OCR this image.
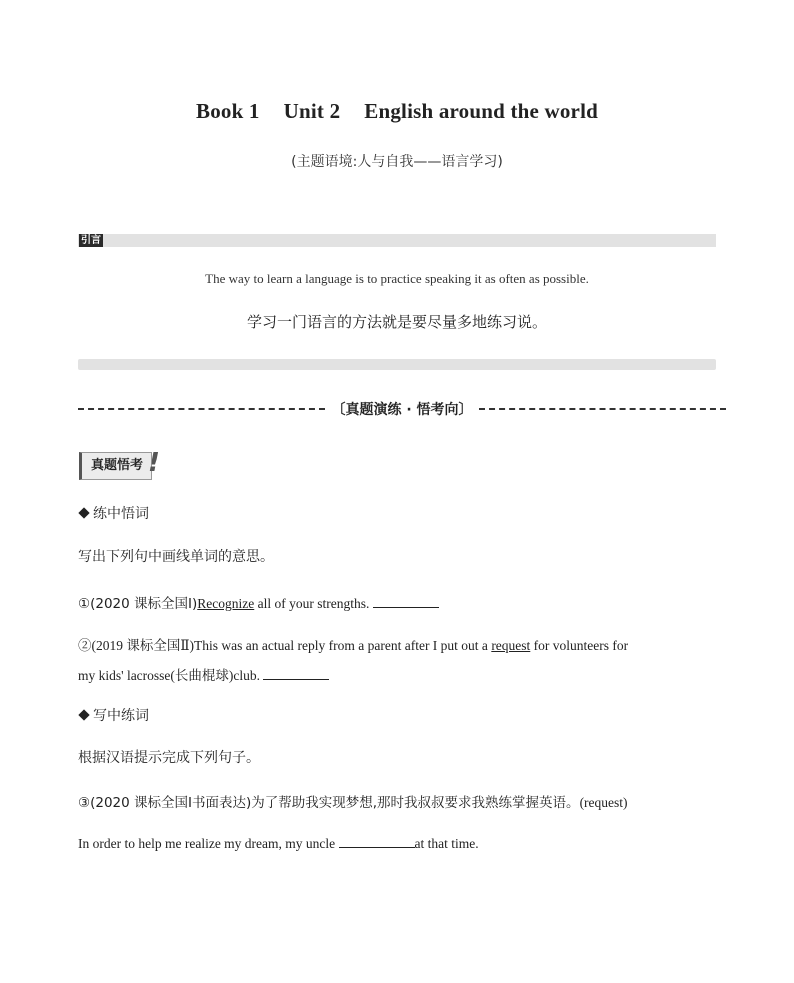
Book 1 Unit 2 English around the world
(主题语境:人与自我——语言学习)
引言
The way to learn a language is to practice speaking it as often as possible.
学习一门语言的方法就是要尽量多地练习说。
〔真题演练 · 悟考向〕
真题悟考 !
练中悟词
写出下列句中画线单词的意思。
①(2020 课标全国Ⅰ)Recognize all of your strengths.
②(2019 课标全国Ⅱ)This was an actual reply from a parent after I put out a request for volunteers for
my kids' lacrosse(长曲棍球)club.
写中练词
根据汉语提示完成下列句子。
③(2020 课标全国Ⅰ书面表达)为了帮助我实现梦想,那时我叔叔要求我熟练掌握英语。(request)
In order to help me realize my dream, my uncle	at that time.
